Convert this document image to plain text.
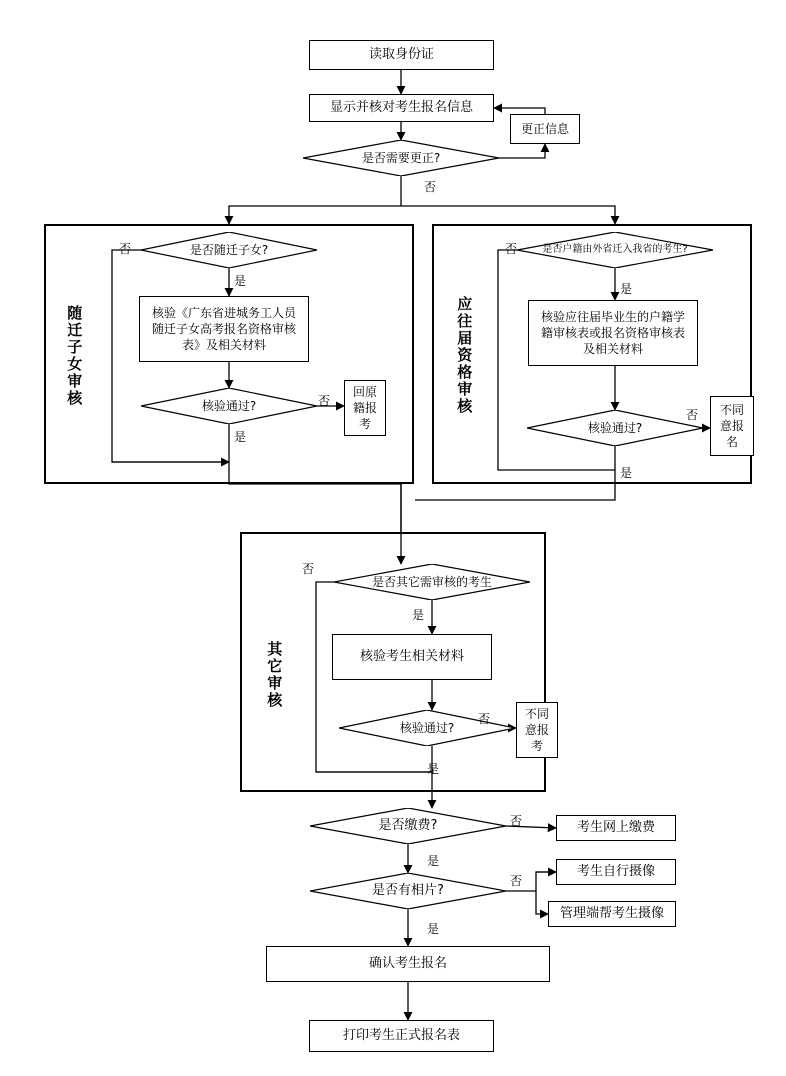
随迁子女审核	应往届资格审核
其它审核
读取身份证
显示并核对考生报名信息
是否需要更正?
更正信息
是否随迁子女?
核验《广东省进城务工人员随迁子女高考报名资格审核表》及相关材料
核验通过?
回原籍报考
是否户籍由外省迁入我省的考生?
核验应往届毕业生的户籍学籍审核表或报名资格审核表及相关材料
核验通过?
不同意报名
是否其它需审核的考生
核验考生相关材料
核验通过?
不同意报考
是否缴费?	考生网上缴费
是否有相片?
考生自行摄像
管理端帮考生摄像
确认考生报名
打印考生正式报名表
否
否
是
否
是
否
是
否
是
否
是
否
是
否
是
否
是
